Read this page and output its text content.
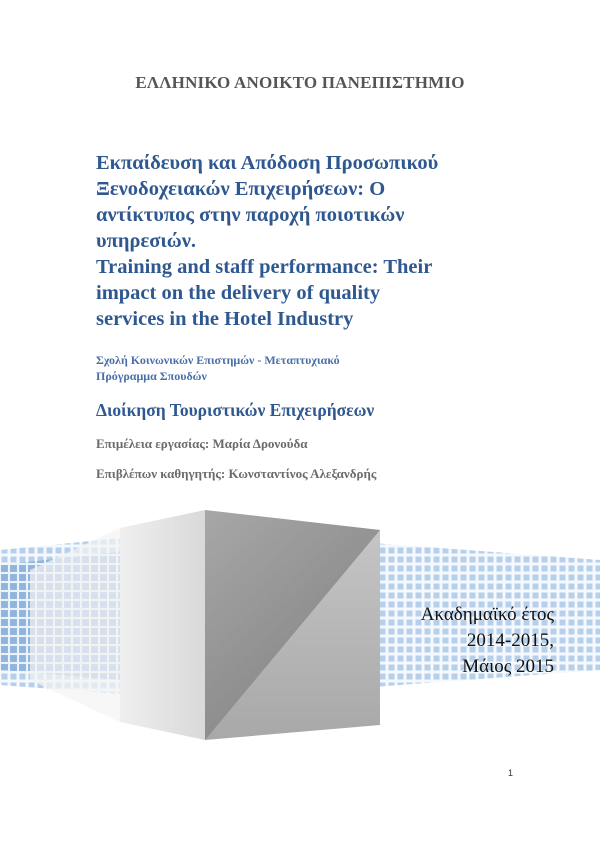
ΕΛΛΗΝΙΚΟ ΑΝΟΙΚΤΟ ΠΑΝΕΠΙΣΤΗΜΙΟ
Εκπαίδευση και Απόδοση Προσωπικού
Ξενοδοχειακών Επιχειρήσεων: Ο
αντίκτυπος στην παροχή ποιοτικών
υπηρεσιών.
Training and staff performance: Their
impact on the delivery of quality
services in the Hotel Industry
Σχολή Κοινωνικών Επιστημών - Μεταπτυχιακό
Πρόγραμμα Σπουδών
Διοίκηση Τουριστικών Επιχειρήσεων
Επιμέλεια εργασίας: Μαρία Δρονούδα
Επιβλέπων καθηγητής: Κωνσταντίνος Αλεξανδρής
Ακαδημαϊκό έτος
2014-2015,
Μάιος 2015
1
